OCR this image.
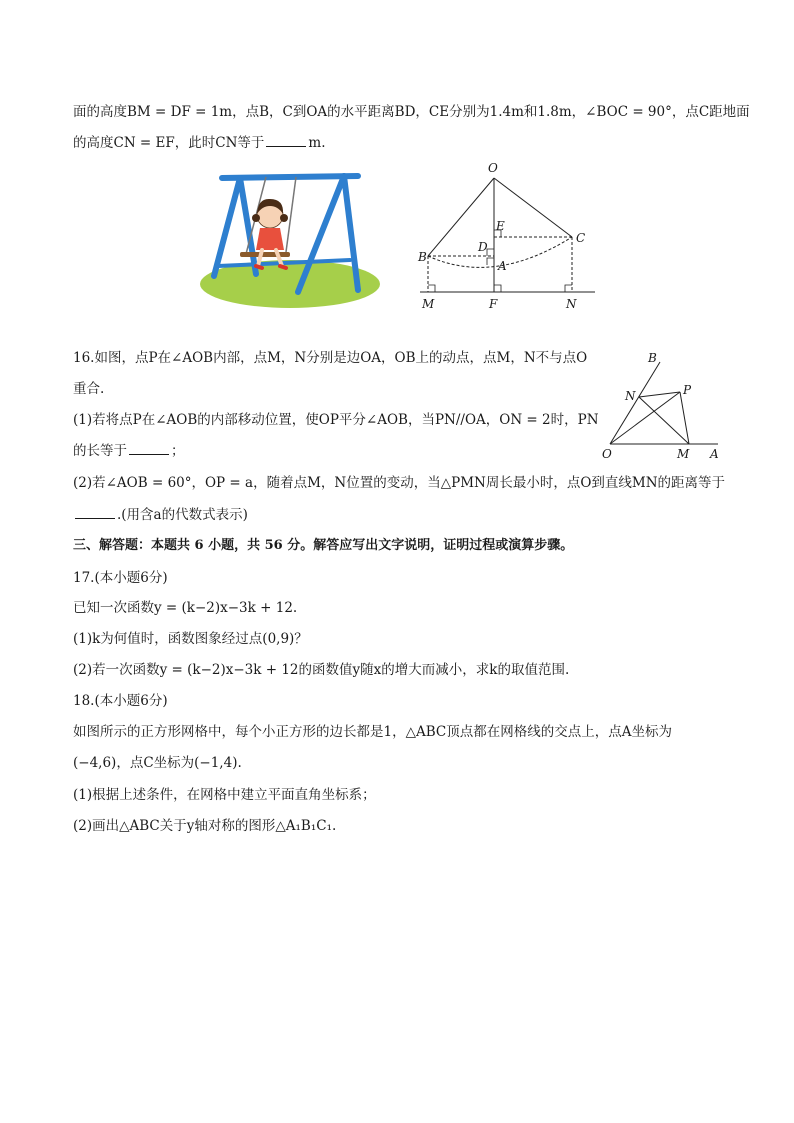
面的高度BM = DF = 1m，点B，C到OA的水平距离BD，CE分别为1.4m和1.8m，∠BOC = 90°，点C距地面
的高度CN = EF，此时CN等于	m.
O
E
C
D
B
A
M	F	N
16.如图，点P在∠AOB内部，点M，N分别是边OA，OB上的动点，点M，N不与点O
重合.
(1)若将点P在∠AOB的内部移动位置，使OP平分∠AOB，当PN//OA，ON = 2时，PN
的长等于	；
(2)若∠AOB = 60°，OP = a，随着点M，N位置的变动，当△PMN周长最小时，点O到直线MN的距离等于
.(用含a的代数式表示)
B
N	P
O	M A
三、解答题：本题共 6 小题，共 56 分。解答应写出文字说明，证明过程或演算步骤。
17.(本小题6分)
已知一次函数y = (k−2)x−3k + 12.
(1)k为何值时，函数图象经过点(0,9)？
(2)若一次函数y = (k−2)x−3k + 12的函数值y随x的增大而减小，求k的取值范围.
18.(本小题6分)
如图所示的正方形网格中，每个小正方形的边长都是1，△ABC顶点都在网格线的交点上，点A坐标为
(−4,6)，点C坐标为(−1,4).
(1)根据上述条件，在网格中建立平面直角坐标系；
(2)画出△ABC关于y轴对称的图形△A₁B₁C₁.
